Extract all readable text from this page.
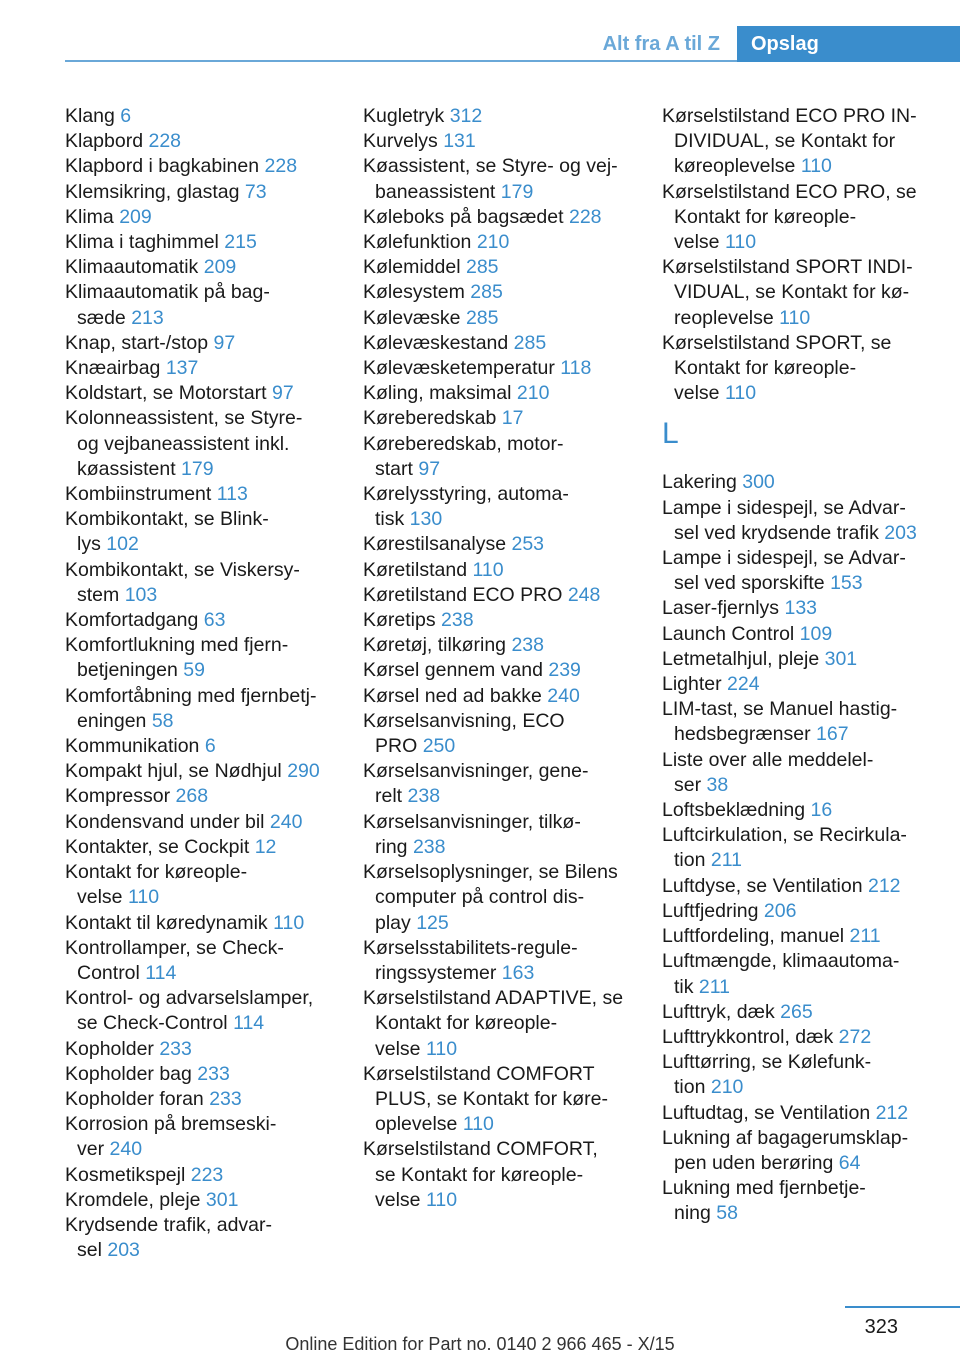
Alt fra A til Z	Opslag
Klang 6
Klapbord 228
Klapbord i bagkabinen 228
Klemsikring, glastag 73
Klima 209
Klima i taghimmel 215
Klimaautomatik 209
Klimaautomatik på bag-
sæde 213
Knap, start-/stop 97
Knæairbag 137
Koldstart, se Motorstart 97
Kolonneassistent, se Styre-
og vejbaneassistent inkl.
køassistent 179
Kombiinstrument 113
Kombikontakt, se Blink-
lys 102
Kombikontakt, se Viskersy-
stem 103
Komfortadgang 63
Komfortlukning med fjern-
betjeningen 59
Komfortåbning med fjernbetj-
eningen 58
Kommunikation 6
Kompakt hjul, se Nødhjul 290
Kompressor 268
Kondensvand under bil 240
Kontakter, se Cockpit 12
Kontakt for køreople-
velse 110
Kontakt til køredynamik 110
Kontrollamper, se Check-
Control 114
Kontrol- og advarselslamper,
se Check-Control 114
Kopholder 233
Kopholder bag 233
Kopholder foran 233
Korrosion på bremseski-
ver 240
Kosmetikspejl 223
Kromdele, pleje 301
Krydsende trafik, advar-
sel 203
Kugletryk 312
Kurvelys 131
Køassistent, se Styre- og vej-
baneassistent 179
Køleboks på bagsædet 228
Kølefunktion 210
Kølemiddel 285
Kølesystem 285
Kølevæske 285
Kølevæskestand 285
Kølevæsketemperatur 118
Køling, maksimal 210
Køreberedskab 17
Køreberedskab, motor-
start 97
Kørelysstyring, automa-
tisk 130
Kørestilsanalyse 253
Køretilstand 110
Køretilstand ECO PRO 248
Køretips 238
Køretøj, tilkøring 238
Kørsel gennem vand 239
Kørsel ned ad bakke 240
Kørselsanvisning, ECO
PRO 250
Kørselsanvisninger, gene-
relt 238
Kørselsanvisninger, tilkø-
ring 238
Kørselsoplysninger, se Bilens
computer på control dis-
play 125
Kørselsstabilitets-regule-
ringssystemer 163
Kørselstilstand ADAPTIVE, se
Kontakt for køreople-
velse 110
Kørselstilstand COMFORT
PLUS, se Kontakt for køre-
oplevelse 110
Kørselstilstand COMFORT,
se Kontakt for køreople-
velse 110
Kørselstilstand ECO PRO IN-
DIVIDUAL, se Kontakt for
køreoplevelse 110
Kørselstilstand ECO PRO, se
Kontakt for køreople-
velse 110
Kørselstilstand SPORT INDI-
VIDUAL, se Kontakt for kø-
reoplevelse 110
Kørselstilstand SPORT, se
Kontakt for køreople-
velse 110
L
Lakering 300
Lampe i sidespejl, se Advar-
sel ved krydsende trafik 203
Lampe i sidespejl, se Advar-
sel ved sporskifte 153
Laser-fjernlys 133
Launch Control 109
Letmetalhjul, pleje 301
Lighter 224
LIM-tast, se Manuel hastig-
hedsbegrænser 167
Liste over alle meddelel-
ser 38
Loftsbeklædning 16
Luftcirkulation, se Recirkula-
tion 211
Luftdyse, se Ventilation 212
Luftfjedring 206
Luftfordeling, manuel 211
Luftmængde, klimaautoma-
tik 211
Lufttryk, dæk 265
Lufttrykkontrol, dæk 272
Lufttørring, se Kølefunk-
tion 210
Luftudtag, se Ventilation 212
Lukning af bagagerumsklap-
pen uden berøring 64
Lukning med fjernbetje-
ning 58
323
Online Edition for Part no. 0140 2 966 465 - X/15
